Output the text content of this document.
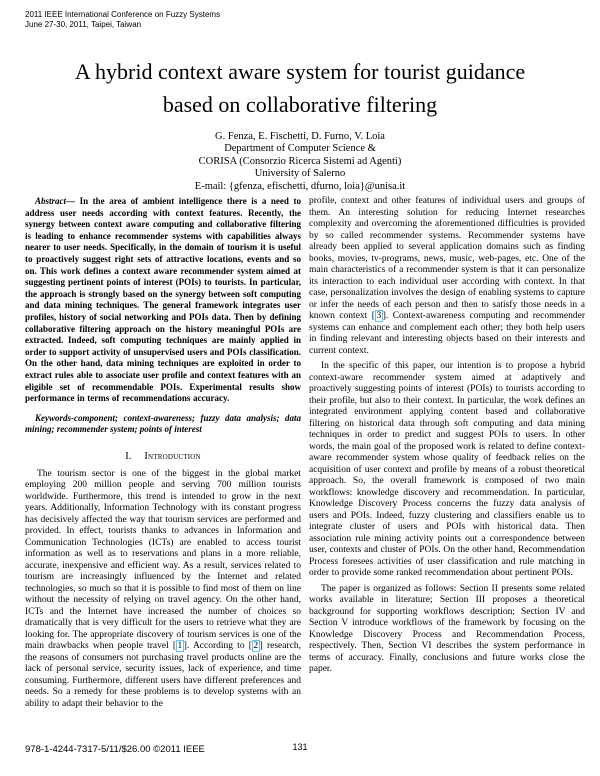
2011 IEEE International Conference on Fuzzy Systems
June 27-30, 2011, Taipei, Taiwan
A hybrid context aware system for tourist guidance
based on collaborative filtering
G. Fenza, E. Fischetti, D. Furno, V. Loia
Department of Computer Science &
CORISA (Consorzio Ricerca Sistemi ad Agenti)
University of Salerno
E-mail: {gfenza, efischetti, dfurno, loia}@unisa.it

Abstract— In the area of ambient intelligence there is a need to address user needs according with context features. Recently, the synergy between context aware computing and collaborative filtering is leading to enhance recommender systems with capabilities always nearer to user needs. Specifically, in the domain of tourism it is useful to proactively suggest right sets of attractive locations, events and so on. This work defines a context aware recommender system aimed at suggesting pertinent points of interest (POIs) to tourists. In particular, the approach is strongly based on the synergy between soft computing and data mining techniques. The general framework integrates user profiles, history of social networking and POIs data. Then by defining collaborative filtering approach on the history meaningful POIs are extracted. Indeed, soft computing techniques are mainly applied in order to support activity of unsupervised users and POIs classification. On the other hand, data mining techniques are exploited in order to extract rules able to associate user profile and context features with an eligible set of recommendable POIs. Experimental results show performance in terms of recommendations accuracy.

Keywords-component; context-awareness; fuzzy data analysis; data mining; recommender system; points of interest

I. Introduction

The tourism sector is one of the biggest in the global market employing 200 million people and serving 700 million tourists worldwide. Furthermore, this trend is intended to grow in the next years. Additionally, Information Technology with its constant progress has decisively affected the way that tourism services are performed and provided. In effect, tourists thanks to advances in Information and Communication Technologies (ICTs) are enabled to access tourist information as well as to reservations and plans in a more reliable, accurate, inexpensive and efficient way. As a result, services related to tourism are increasingly influenced by the Internet and related technologies, so much so that it is possible to find most of them on line without the necessity of relying on travel agency. On the other hand, ICTs and the Internet have increased the number of choices so dramatically that is very difficult for the users to retrieve what they are looking for. The appropriate discovery of tourism services is one of the main drawbacks when people travel [ 1 ]. According to [ 2 ] research, the reasons of consumers not purchasing travel products online are the lack of personal service, security issues, lack of experience, and time consuming. Furthermore, different users have different preferences and needs. So a remedy for these problems is to develop systems with an ability to adapt their behavior to the

profile, context and other features of individual users and groups of them. An interesting solution for reducing Internet researches complexity and overcoming the aforementioned difficulties is provided by so called recommender systems. Recommender systems have already been applied to several application domains such as finding books, movies, tv-programs, news, music, web-pages, etc. One of the main characteristics of a recommender system is that it can personalize its interaction to each individual user according with context. In that case, personalization involves the design of enabling systems to capture or infer the needs of each person and then to satisfy those needs in a known context [ 3 ]. Context-awareness computing and recommender systems can enhance and complement each other; they both help users in finding relevant and interesting objects based on their interests and current context.

In the specific of this paper, our intention is to propose a hybrid context-aware recommender system aimed at adaptively and proactively suggesting points of interest (POIs) to tourists according to their profile, but also to their context. In particular, the work defines an integrated environment applying content based and collaborative filtering on historical data through soft computing and data mining techniques in order to predict and suggest POIs to users. In other words, the main goal of the proposed work is related to define context-aware recommender system whose quality of feedback relies on the acquisition of user context and profile by means of a robust theoretical approach. So, the overall framework is composed of two main workflows: knowledge discovery and recommendation. In particular, Knowledge Discovery Process concerns the fuzzy data analysis of users and POIs. Indeed, fuzzy clustering and classifiers enable us to integrate cluster of users and POIs with historical data. Then association rule mining activity points out a correspondence between user, contexts and cluster of POIs. On the other hand, Recommendation Process foresees activities of user classification and rule matching in order to provide some ranked recommendation about pertinent POIs.

The paper is organized as follows: Section II presents some related works available in literature; Section III proposes a theoretical background for supporting workflows description; Section IV and Section V introduce workflows of the framework by focusing on the Knowledge Discovery Process and Recommendation Process, respectively. Then, Section VI describes the system performance in terms of accuracy. Finally, conclusions and future works close the paper.

978-1-4244-7317-5/11/$26.00 ©2011 IEEE	131
